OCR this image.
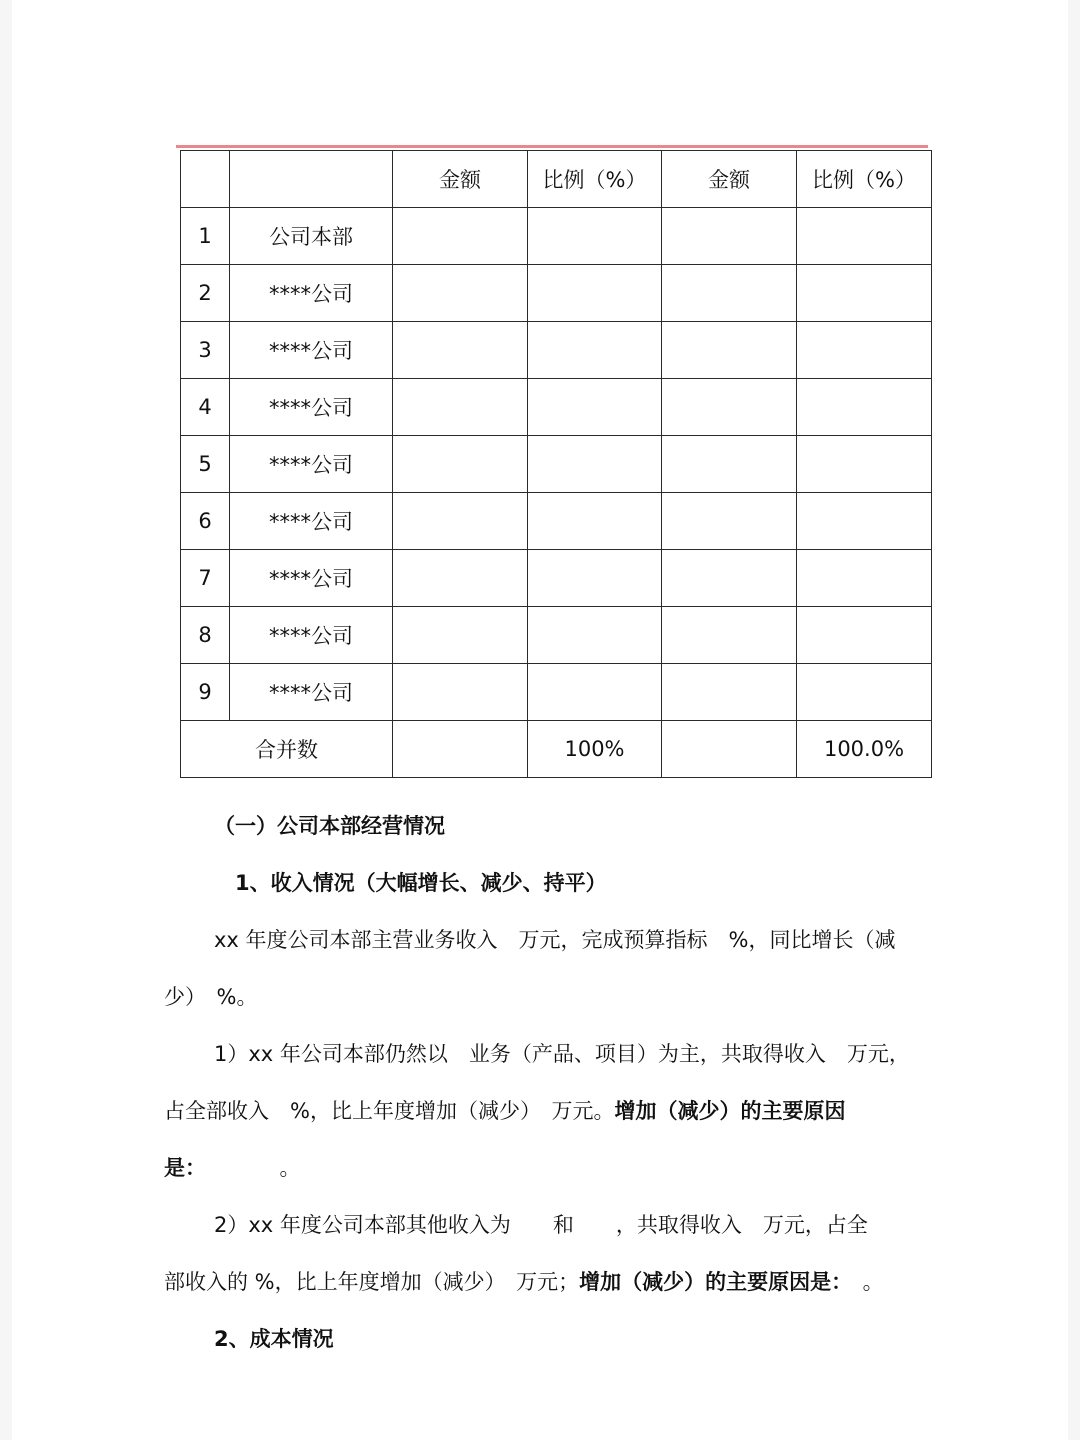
		金额	比例（%）	金额	比例（%）
1	公司本部				
2	****公司				
3	****公司				
4	****公司				
5	****公司				
6	****公司				
7	****公司				
8	****公司				
9	****公司				
合并数			100%		100.0%
（一）公司本部经营情况
1、收入情况（大幅增长、减少、持平）
xx 年度公司本部主营业务收入　万元，完成预算指标　%，同比增长（减
少）　%。
1）xx 年公司本部仍然以　业务（产品、项目）为主，共取得收入　万元，
占全部收入　%，比上年度增加（减少）　万元。增加（减少）的主要原因
是：　　　　。
2）xx 年度公司本部其他收入为　　和　　，共取得收入　万元，占全
部收入的 %，比上年度增加（减少）　万元；增加（减少）的主要原因是：　。
2、成本情况
